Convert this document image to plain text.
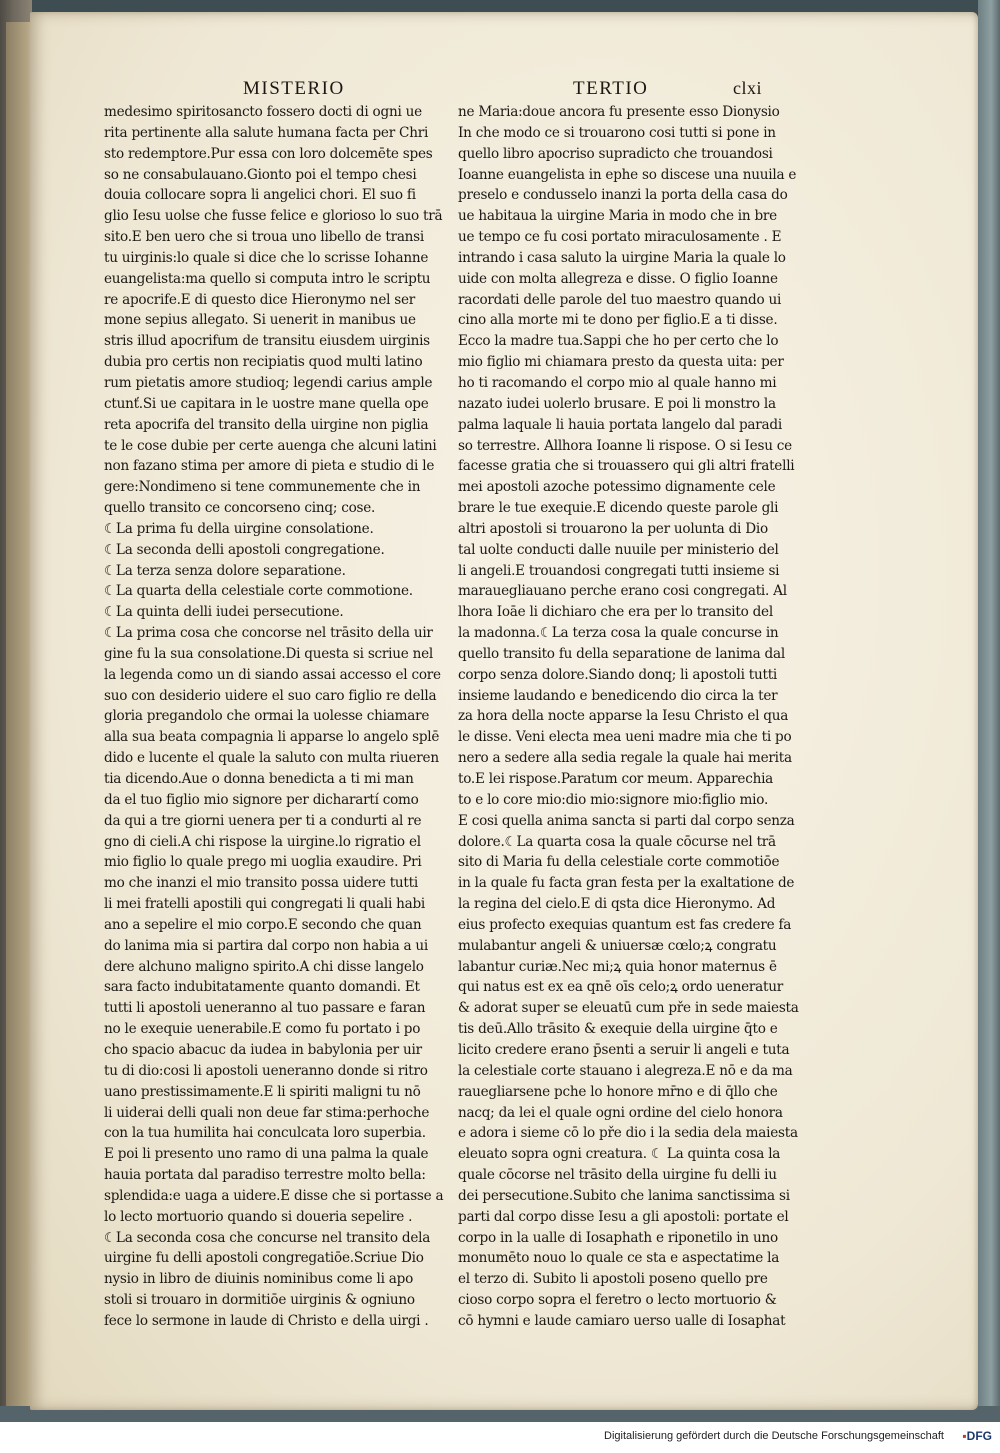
MISTERIO	TERTIO	clxi
medesimo spiritosancto fossero docti di ogni ue
rita pertinente alla salute humana facta per Chri
sto redemptore.Pur essa con loro dolcemēte spes
so ne consabulauano.Gionto poi el tempo chesi
douia collocare sopra li angelici chori. El suo fi
glio Iesu uolse che fusse felice e glorioso lo suo trā
sito.E ben uero che si troua uno libello de transi
tu uirginis:lo quale si dice che lo scrisse Iohanne
euangelista:ma quello si computa intro le scriptu
re apocrife.E di questo dice Hieronymo nel ser
mone sepius allegato. Si uenerit in manibus ue
stris illud apocrifum de transitu eiusdem uirginis
dubia pro certis non recipiatis quod multi latino
rum pietatis amore studioq; legendi carius ample
ctunť.Si ue capitara in le uostre mane quella ope
reta apocrifa del transito della uirgine non piglia
te le cose dubie per certe auenga che alcuni latini
non fazano stima per amore di pieta e studio di le
gere:Nondimeno si tene communemente che in
quello transito ce concorseno cinq; cose.
☾La prima fu della uirgine consolatione.
☾La seconda delli apostoli congregatione.
☾La terza senza dolore separatione.
☾La quarta della celestiale corte commotione.
☾La quinta delli iudei persecutione.
☾La prima cosa che concorse nel trāsito della uir
gine fu la sua consolatione.Di questa si scriue nel
la legenda como un di siando assai accesso el core
suo con desiderio uidere el suo caro figlio re della
gloria pregandolo che ormai la uolesse chiamare
alla sua beata compagnia li apparse lo angelo splē
dido e lucente el quale la saluto con multa riueren
tia dicendo.Aue o donna benedicta a ti mi man
da el tuo figlio mio signore per dicharartí como
da qui a tre giorni uenera per ti a condurti al re
gno di cieli.A chi rispose la uirgine.lo rigratio el
mio figlio lo quale prego mi uoglia exaudire. Pri
mo che inanzi el mio transito possa uidere tutti
li mei fratelli apostili qui congregati li quali habi
ano a sepelire el mio corpo.E secondo che quan
do lanima mia si partira dal corpo non habia a ui
dere alchuno maligno spirito.A chi disse langelo
sara facto indubitatamente quanto domandi. Et
tutti li apostoli ueneranno al tuo passare e faran
no le exequie uenerabile.E como fu portato i po
cho spacio abacuc da iudea in babylonia per uir
tu di dio:cosi li apostoli ueneranno donde si ritro
uano prestissimamente.E li spiriti maligni tu nō
li uiderai delli quali non deue far stima:perhoche
con la tua humilita hai conculcata loro superbia.
E poi li presento uno ramo di una palma la quale
hauia portata dal paradiso terrestre molto bella:
splendida:e uaga a uidere.E disse che si portasse a
lo lecto mortuorio quando si doueria sepelire .
☾La seconda cosa che concurse nel transito dela
uirgine fu delli apostoli congregatiōe.Scriue Dio
nysio in libro de diuinis nominibus come li apo
stoli si trouaro in dormitiōe uirginis & ogniuno
fece lo sermone in laude di Christo e della uirgi .
ne Maria:doue ancora fu presente esso Dionysio
In che modo ce si trouarono cosi tutti si pone in
quello libro apocriso supradicto che trouandosi
Ioanne euangelista in ephe so discese una nuuila e
preselo e condusselo inanzi la porta della casa do
ue habitaua la uirgine Maria in modo che in bre
ue tempo ce fu cosi portato miraculosamente . E
intrando i casa saluto la uirgine Maria la quale lo
uide con molta allegreza e disse. O figlio Ioanne
racordati delle parole del tuo maestro quando ui
cino alla morte mi te dono per figlio.E a ti disse.
Ecco la madre tua.Sappi che ho per certo che lo
mio figlio mi chiamara presto da questa uita: per
ho ti racomando el corpo mio al quale hanno mi
nazato iudei uolerlo brusare. E poi li monstro la
palma laquale li hauia portata langelo dal paradi
so terrestre. Allhora Ioanne li rispose. O si Iesu ce
facesse gratia che si trouassero qui gli altri fratelli
mei apostoli azoche potessimo dignamente cele
brare le tue exequie.E dicendo queste parole gli
altri apostoli si trouarono la per uolunta di Dio
tal uolte conducti dalle nuuile per ministerio del
li angeli.E trouandosi congregati tutti insieme si
marauegliauano perche erano cosi congregati. Al
lhora Ioāe li dichiaro che era per lo transito del
la madonna.☾La terza cosa la quale concurse in
quello transito fu della separatione de lanima dal
corpo senza dolore.Siando donq; li apostoli tutti
insieme laudando e benedicendo dio circa la ter
za hora della nocte apparse la Iesu Christo el qua
le disse. Veni electa mea ueni madre mia che ti po
nero a sedere alla sedia regale la quale hai merita
to.E lei rispose.Paratum cor meum. Apparechia
to e lo core mio:dio mio:signore mio:figlio mio.
E cosi quella anima sancta si parti dal corpo senza
dolore.☾La quarta cosa la quale cōcurse nel trā
sito di Maria fu della celestiale corte commotiōe
in la quale fu facta gran festa per la exaltatione de
la regina del cielo.E di qsta dice Hieronymo. Ad
eius profecto exequias quantum est fas credere fa
mulabantur angeli & uniuersæ cœlo;ꝝ congratu
labantur curiæ.Nec mi;ꝝ quia honor maternus ē
qui natus est ex ea qnē oīs celo;ꝝ ordo ueneratur
& adorat super se eleuatū cum pře in sede maiesta
tis deū.Allo trāsito & exequie della uirgine q̄to e
licito credere erano p̄senti a seruir li angeli e tuta
la celestiale corte stauano i alegreza.E nō e da ma
rauegliarsene pche lo honore mr̄no e di q̄llo che
nacq; da lei el quale ogni ordine del cielo honora
e adora i sieme cō lo pře dio i la sedia dela maiesta
eleuato sopra ogni creatura. ☾ La quinta cosa la
quale cōcorse nel trāsito della uirgine fu delli iu
dei persecutione.Subito che lanima sanctissima si
parti dal corpo disse Iesu a gli apostoli: portate el
corpo in la ualle di Iosaphath e riponetilo in uno
monumēto nouo lo quale ce sta e aspectatime la
el terzo di. Subito li apostoli poseno quello pre
cioso corpo sopra el feretro o lecto mortuorio &
cō hymni e laude camiaro uerso ualle di Iosaphat
Digitalisierung gefördert durch die Deutsche Forschungsgemeinschaft ▪DFG
